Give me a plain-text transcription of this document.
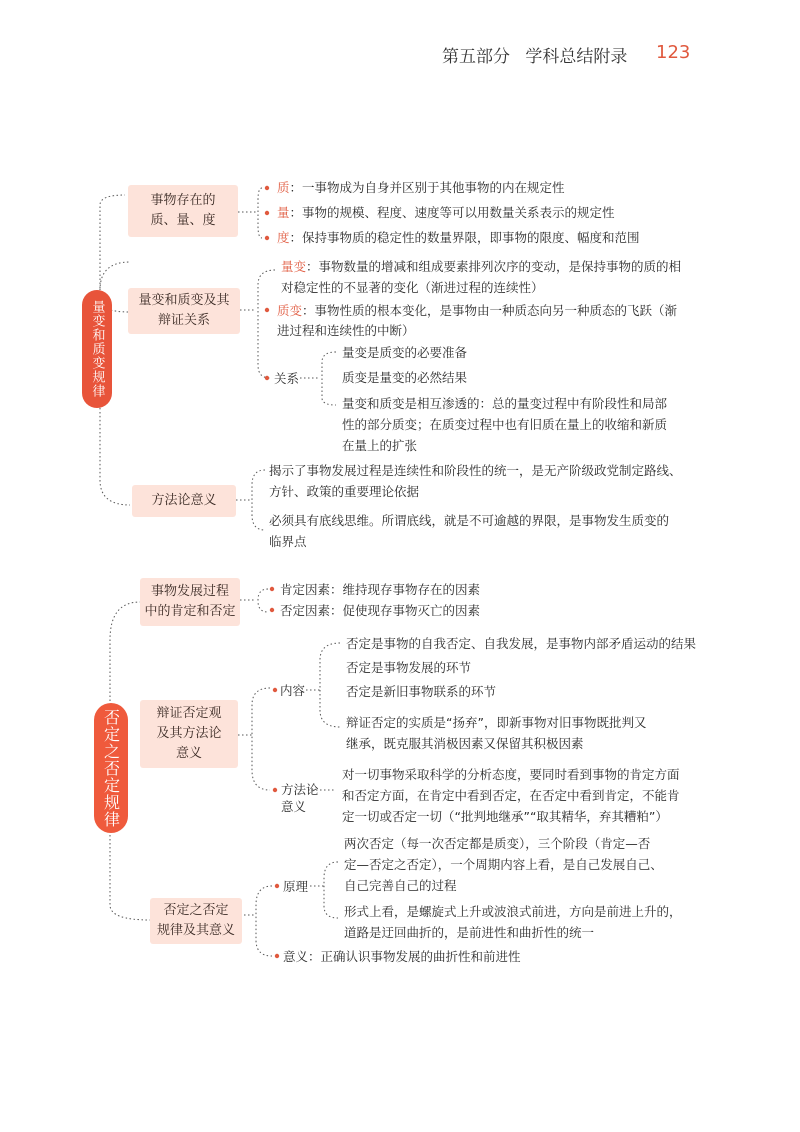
第五部分 学科总结附录 123
量变和质变规律
事物存在的质、量、度
质：一事物成为自身并区别于其他事物的内在规定性
量：事物的规模、程度、速度等可以用数量关系表示的规定性
度：保持事物质的稳定性的数量界限，即事物的限度、幅度和范围
量变和质变及其辩证关系
量变：事物数量的增减和组成要素排列次序的变动，是保持事物的质的相
对稳定性的不显著的变化（渐进过程的连续性）
质变：事物性质的根本变化，是事物由一种质态向另一种质态的飞跃（渐
进过程和连续性的中断）
关系
量变是质变的必要准备
质变是量变的必然结果
量变和质变是相互渗透的：总的量变过程中有阶段性和局部
性的部分质变；在质变过程中也有旧质在量上的收缩和新质
在量上的扩张
方法论意义
揭示了事物发展过程是连续性和阶段性的统一，是无产阶级政党制定路线、
方针、政策的重要理论依据
必须具有底线思维。所谓底线，就是不可逾越的界限，是事物发生质变的
临界点
否定之否定规律
事物发展过程
中的肯定和否定
肯定因素：维持现存事物存在的因素
否定因素：促使现存事物灭亡的因素
辩证否定观
及其方法论
意义
内容
否定是事物的自我否定、自我发展，是事物内部矛盾运动的结果
否定是事物发展的环节
否定是新旧事物联系的环节
辩证否定的实质是“扬弃”，即新事物对旧事物既批判又
继承，既克服其消极因素又保留其积极因素
方法论
意义
对一切事物采取科学的分析态度，要同时看到事物的肯定方面
和否定方面，在肯定中看到否定，在否定中看到肯定，不能肯
定一切或否定一切（“批判地继承”“取其精华，弃其糟粕”）
否定之否定
规律及其意义
原理
两次否定（每一次否定都是质变），三个阶段（肯定—否
定—否定之否定），一个周期内容上看，是自己发展自己、
自己完善自己的过程
形式上看，是螺旋式上升或波浪式前进，方向是前进上升的，
道路是迂回曲折的，是前进性和曲折性的统一
意义：正确认识事物发展的曲折性和前进性
